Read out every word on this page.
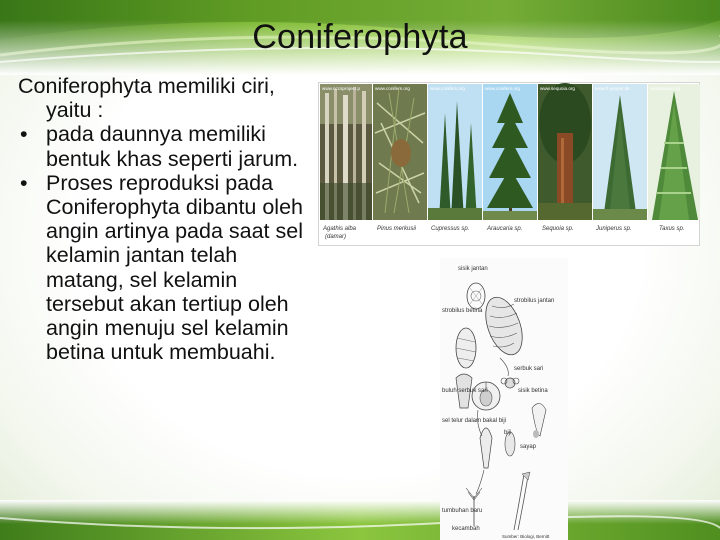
Coniferophyta

Coniferophyta memiliki ciri, yaitu :

• pada daunnya memiliki bentuk khas seperti jarum.
• Proses reproduksi pada Coniferophyta dibantu oleh angin artinya pada saat sel kelamin jantan telah matang, sel kelamin tersebut akan tertiup oleh angin menuju sel kelamin betina untuk membuahi.
www.nccsproject.p	www.conifers.org	www.conifers.org	www.conifers.org	www.sequoia.org	www.fi-juniper.de	www.taxus.org
Agathis alba
(damar)
Pinus merkusii Cupressus sp.	Araucaria sp.	Sequoia sp.	Juniperus sp.	Taxus sp.
sisik jantan
strobilus jantan
strobilus betina
serbuk sari
buluh serbuk sari	sisik betina
sel telur dalam bakal biji
biji
sayap
tumbuhan baru
kecambah
Sumber: Biologi, Bernitt
